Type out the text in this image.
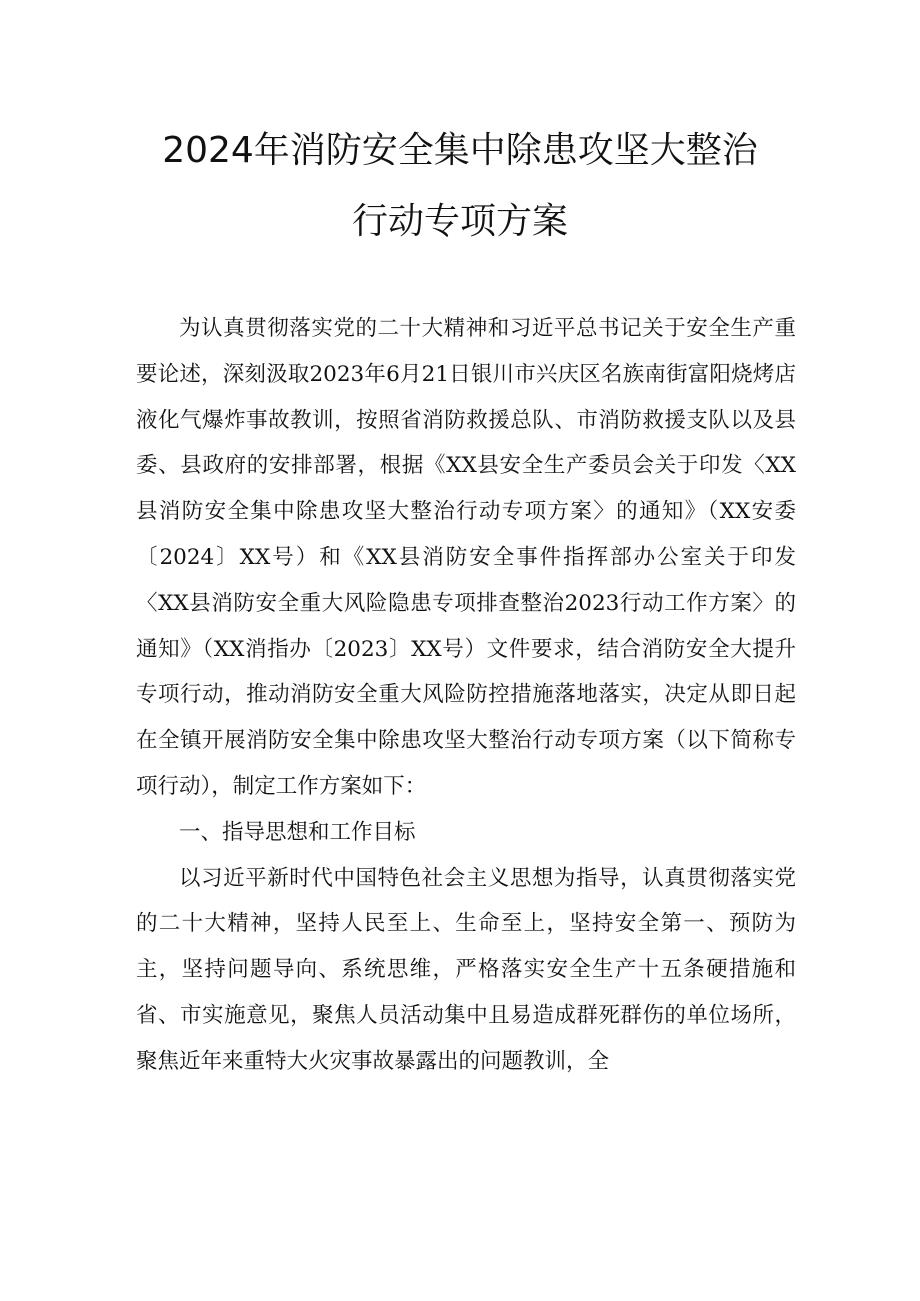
2024年消防安全集中除患攻坚大整治
行动专项方案

为认真贯彻落实党的二十大精神和习近平总书记关于安全生产重要论述，深刻汲取2023年6月21日银川市兴庆区名族南街富阳烧烤店液化气爆炸事故教训，按照省消防救援总队、市消防救援支队以及县委、县政府的安排部署，根据《XX县安全生产委员会关于印发〈XX县消防安全集中除患攻坚大整治行动专项方案〉的通知》（XX安委〔2024〕XX号）和《XX县消防安全事件指挥部办公室关于印发〈XX县消防安全重大风险隐患专项排查整治2023行动工作方案〉的通知》（XX消指办〔2023〕XX号）文件要求，结合消防安全大提升专项行动，推动消防安全重大风险防控措施落地落实，决定从即日起在全镇开展消防安全集中除患攻坚大整治行动专项方案（以下简称专项行动），制定工作方案如下：

一、指导思想和工作目标

以习近平新时代中国特色社会主义思想为指导，认真贯彻落实党的二十大精神，坚持人民至上、生命至上，坚持安全第一、预防为主，坚持问题导向、系统思维，严格落实安全生产十五条硬措施和省、市实施意见，聚焦人员活动集中且易造成群死群伤的单位场所，聚焦近年来重特大火灾事故暴露出的问题教训，全
